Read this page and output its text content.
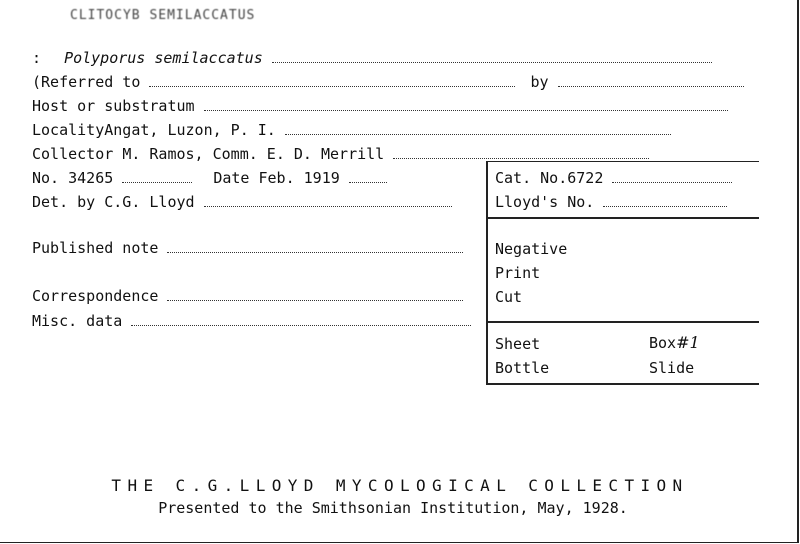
CLITOCYB SEMILACCATUS
: Polyporus semilaccatus
(Referred to	by
Host or substratum
LocalityAngat, Luzon, P. I.
Collector M. Ramos, Comm. E. D. Merrill
No. 34265	Date Feb. 1919
Det. by C.G. Lloyd
Published note
Correspondence
Misc. data
Cat. No.6722
Lloyd's No.
Negative
Print
Cut
Sheet	Box#1
Bottle	Slide
THE C.G.LLOYD MYCOLOGICAL COLLECTION
Presented to the Smithsonian Institution, May, 1928.
